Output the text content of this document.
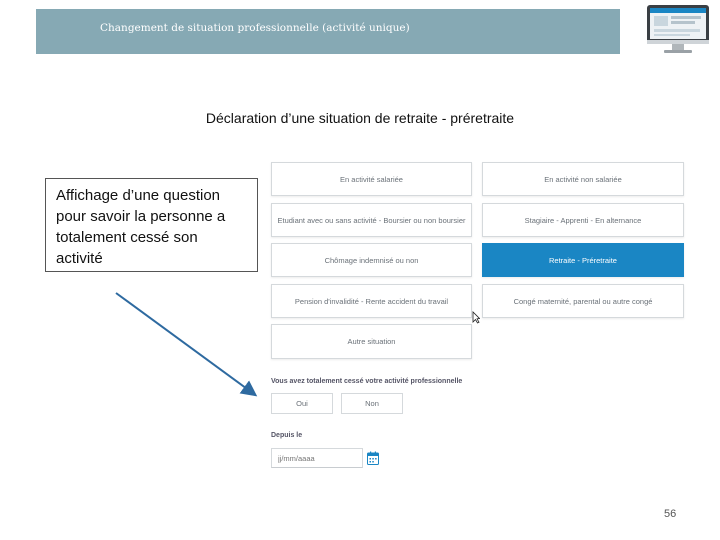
Changement de situation professionnelle (activité unique)
Déclaration d’une situation de retraite - préretraite
Affichage d’une question pour savoir la personne a totalement cessé son activité
En activité salariée	En activité non salariée
Etudiant avec ou sans activité - Boursier ou non boursier	Stagiaire - Apprenti - En alternance
Chômage indemnisé ou non	Retraite - Préretraite
Pension d'invalidité - Rente accident du travail	Congé maternité, parental ou autre congé
Autre situation
Vous avez totalement cessé votre activité professionnelle
Oui	Non
Depuis le
jj/mm/aaaa
56
